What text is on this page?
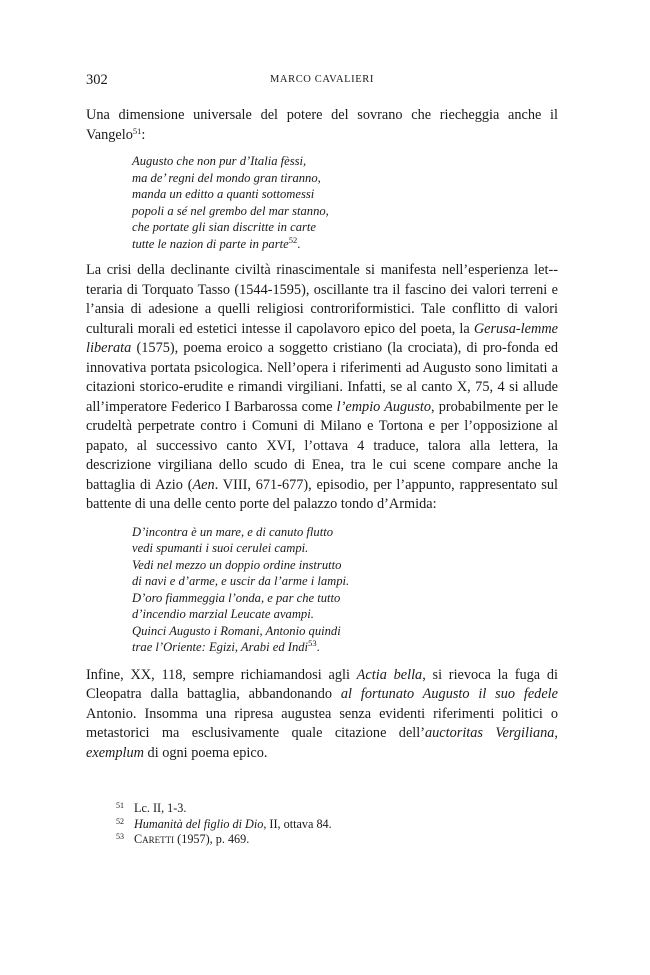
302	MARCO CAVALIERI

Una dimensione universale del potere del sovrano che riecheggia anche il Vangelo$^{51}$:

Augusto che non pur d’Italia fèssi,
ma de’ regni del mondo gran tiranno,
manda un editto a quanti sottomessi
popoli a sé nel grembo del mar stanno,
che portate gli sian discritte in carte
tutte le nazion di parte in parte$^{52}$.

La crisi della declinante civiltà rinascimentale si manifesta nell’esperienza let-teraria di Torquato Tasso (1544-1595), oscillante tra il fascino dei valori terreni e l’ansia di adesione a quelli religiosi controriformistici. Tale conflitto di valori culturali morali ed estetici intesse il capolavoro epico del poeta, la Gerusa-lemme liberata (1575), poema eroico a soggetto cristiano (la crociata), di pro-fonda ed innovativa portata psicologica. Nell’opera i riferimenti ad Augusto sono limitati a citazioni storico-erudite e rimandi virgiliani. Infatti, se al canto X, 75, 4 si allude all’imperatore Federico I Barbarossa come l’empio Augusto, probabilmente per le crudeltà perpetrate contro i Comuni di Milano e Tortona e per l’opposizione al papato, al successivo canto XVI, l’ottava 4 traduce, talora alla lettera, la descrizione virgiliana dello scudo di Enea, tra le cui scene compare anche la battaglia di Azio (Aen. VIII, 671-677), episodio, per l’appunto, rappresentato sul battente di una delle cento porte del palazzo tondo d’Armida:

D’incontra è un mare, e di canuto flutto
vedi spumanti i suoi cerulei campi.
Vedi nel mezzo un doppio ordine instrutto
di navi e d’arme, e uscir da l’arme i lampi.
D’oro fiammeggia l’onda, e par che tutto
d’incendio marzial Leucate avampi.
Quinci Augusto i Romani, Antonio quindi
trae l’Oriente: Egizi, Arabi ed Indi$^{53}$.

Infine, XX, 118, sempre richiamandosi agli Actia bella, si rievoca la fuga di Cleopatra dalla battaglia, abbandonando al fortunato Augusto il suo fedele Antonio. Insomma una ripresa augustea senza evidenti riferimenti politici o metastorici ma esclusivamente quale citazione dell’auctoritas Vergiliana, exemplum di ogni poema epico.

51 Lc. II, 1-3.
52 Humanità del figlio di Dio, II, ottava 84.
53 Caretti (1957), p. 469.
